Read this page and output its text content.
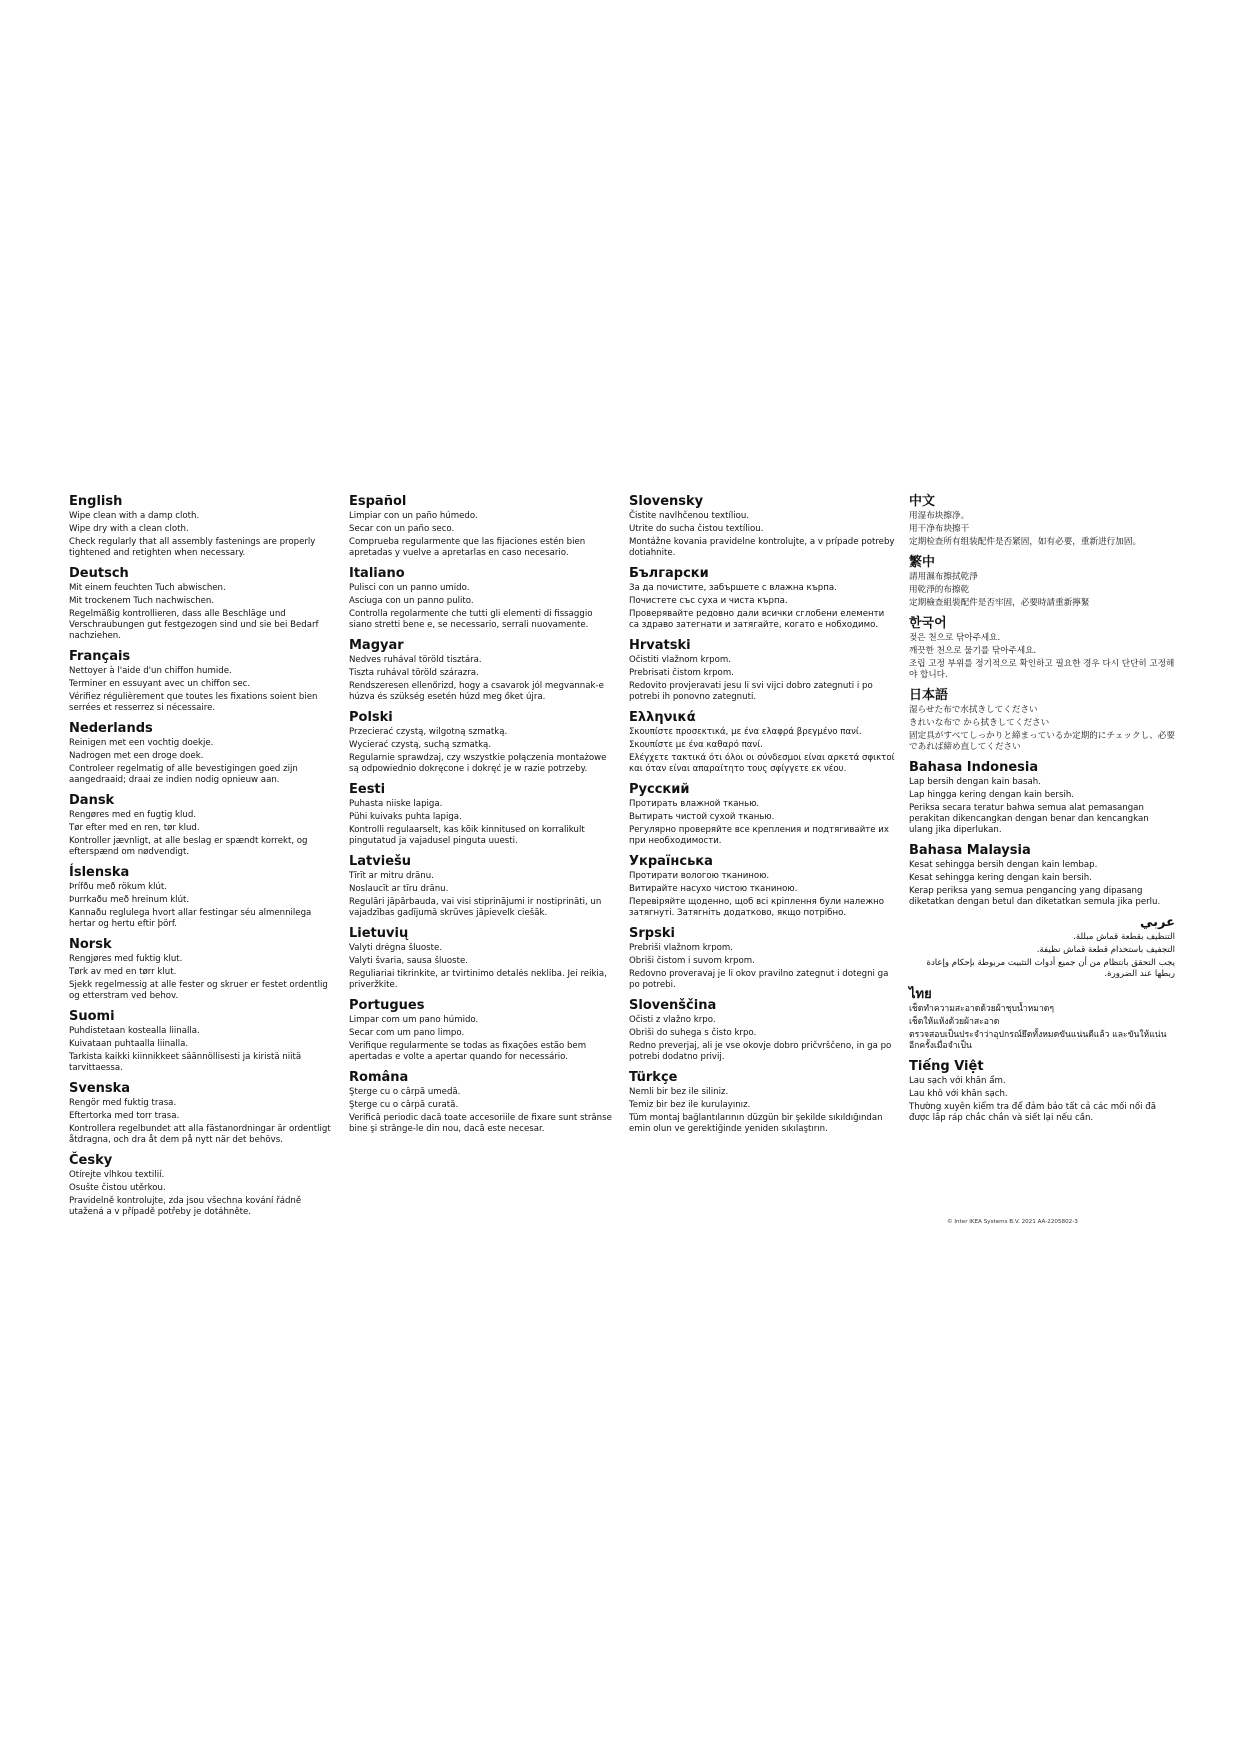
English
Wipe clean with a damp cloth.
Wipe dry with a clean cloth.
Check regularly that all assembly fastenings are properly tightened and retighten when necessary.
Deutsch
Mit einem feuchten Tuch abwischen.
Mit trockenem Tuch nachwischen.
Regelmäßig kontrollieren, dass alle Beschläge und Verschraubungen gut festgezogen sind und sie bei Bedarf nachziehen.
Français
Nettoyer à l'aide d'un chiffon humide.
Terminer en essuyant avec un chiffon sec.
Vérifiez régulièrement que toutes les fixations soient bien serrées et resserrez si nécessaire.
Nederlands
Reinigen met een vochtig doekje.
Nadrogen met een droge doek.
Controleer regelmatig of alle bevestigingen goed zijn aangedraaid; draai ze indien nodig opnieuw aan.
Dansk
Rengøres med en fugtig klud.
Tør efter med en ren, tør klud.
Kontroller jævnligt, at alle beslag er spændt korrekt, og efterspænd om nødvendigt.
Íslenska
Þrífðu með rökum klút.
Þurrkaðu með hreinum klút.
Kannaðu reglulega hvort allar festingar séu almennilega hertar og hertu eftir þörf.
Norsk
Rengjøres med fuktig klut.
Tørk av med en tørr klut.
Sjekk regelmessig at alle fester og skruer er festet ordentlig og etterstram ved behov.
Suomi
Puhdistetaan kostealla liinalla.
Kuivataan puhtaalla liinalla.
Tarkista kaikki kiinnikkeet säännöllisesti ja kiristä niitä tarvittaessa.
Svenska
Rengör med fuktig trasa.
Eftertorka med torr trasa.
Kontrollera regelbundet att alla fästanordningar är ordentligt åtdragna, och dra åt dem på nytt när det behövs.
Česky
Otírejte vlhkou textilií.
Osušte čistou utěrkou.
Pravidelně kontrolujte, zda jsou všechna kování řádně utažená a v případě potřeby je dotáhněte.
Español
Limpiar con un paño húmedo.
Secar con un paño seco.
Comprueba regularmente que las fijaciones estén bien apretadas y vuelve a apretarlas en caso necesario.
Italiano
Pulisci con un panno umido.
Asciuga con un panno pulito.
Controlla regolarmente che tutti gli elementi di fissaggio siano stretti bene e, se necessario, serrali nuovamente.
Magyar
Nedves ruhával töröld tisztára.
Tiszta ruhával töröld szárazra.
Rendszeresen ellenőrizd, hogy a csavarok jól megvannak-e húzva és szükség esetén húzd meg őket újra.
Polski
Przecierać czystą, wilgotną szmatką.
Wycierać czystą, suchą szmatką.
Regularnie sprawdzaj, czy wszystkie połączenia montażowe są odpowiednio dokręcone i dokręć je w razie potrzeby.
Eesti
Puhasta niiske lapiga.
Pühi kuivaks puhta lapiga.
Kontrolli regulaarselt, kas kõik kinnitused on korralikult pingutatud ja vajadusel pinguta uuesti.
Latviešu
Tīrīt ar mitru drānu.
Noslaucīt ar tīru drānu.
Regulāri jāpārbauda, vai visi stiprinājumi ir nostiprināti, un vajadzības gadījumā skrūves jāpievelk ciešāk.
Lietuvių
Valyti drėgna šluoste.
Valyti švaria, sausa šluoste.
Reguliariai tikrinkite, ar tvirtinimo detalės nekliba. Jei reikia, priveržkite.
Portugues
Limpar com um pano húmido.
Secar com um pano limpo.
Verifique regularmente se todas as fixações estão bem apertadas e volte a apertar quando for necessário.
Româna
Şterge cu o cârpă umedă.
Şterge cu o cârpă curată.
Verifică periodic dacă toate accesoriile de fixare sunt strânse bine şi strânge-le din nou, dacă este necesar.
Slovensky
Čistite navlhčenou textíliou.
Utrite do sucha čistou textíliou.
Montážne kovania pravidelne kontrolujte, a v prípade potreby dotiahnite.
Български
За да почистите, забършете с влажна кърпа.
Почистете със суха и чиста кърпа.
Проверявайте редовно дали всички сглобени елементи са здраво затегнати и затягайте, когато е нобходимо.
Hrvatski
Očistiti vlažnom krpom.
Prebrisati čistom krpom.
Redovito provjeravati jesu li svi vijci dobro zategnuti i po potrebi ih ponovno zategnuti.
Ελληνικά
Σκουπίστε προσεκτικά, με ένα ελαφρά βρεγμένο πανί.
Σκουπίστε με ένα καθαρό πανί.
Ελέγχετε τακτικά ότι όλοι οι σύνδεσμοι είναι αρκετά σφικτοί και όταν είναι απαραίτητο τους σφίγγετε εκ νέου.
Русский
Протирать влажной тканью.
Вытирать чистой сухой тканью.
Регулярно проверяйте все крепления и подтягивайте их при необходимости.
Українська
Протирати вологою тканиною.
Витирайте насухо чистою тканиною.
Перевіряйте щоденно, щоб всі кріплення були належно затягнуті. Затягніть додатково, якщо потрібно.
Srpski
Prebriši vlažnom krpom.
Obriši čistom i suvom krpom.
Redovno proveravaj je li okov pravilno zategnut i dotegni ga po potrebi.
Slovenščina
Očisti z vlažno krpo.
Obriši do suhega s čisto krpo.
Redno preverjaj, ali je vse okovje dobro pričvrščeno, in ga po potrebi dodatno privij.
Türkçe
Nemli bir bez ile siliniz.
Temiz bir bez ile kurulayınız.
Tüm montaj bağlantılarının düzgün bir şekilde sıkıldığından emin olun ve gerektiğinde yeniden sıkılaştırın.
中文
用湿布块擦净。
用干净布块擦干
定期检查所有组装配件是否紧固，如有必要，重新进行加固。
繁中
請用濕布擦拭乾淨
用乾淨的布擦乾
定期檢查組裝配件是否牢固，必要時請重新擰緊
한국어
젖은 천으로 닦아주세요.
깨끗한 천으로 물기를 닦아주세요.
조립 고정 부위를 정기적으로 확인하고 필요한 경우 다시 단단히 고정해야 합니다.
日本語
湿らせた布で水拭きしてください
きれいな布で から拭きしてください
固定具がすべてしっかりと締まっているか定期的にチェックし、必要であれば締め直してください
Bahasa Indonesia
Lap bersih dengan kain basah.
Lap hingga kering dengan kain bersih.
Periksa secara teratur bahwa semua alat pemasangan perakitan dikencangkan dengan benar dan kencangkan ulang jika diperlukan.
Bahasa Malaysia
Kesat sehingga bersih dengan kain lembap.
Kesat sehingga kering dengan kain bersih.
Kerap periksa yang semua pengancing yang dipasang diketatkan dengan betul dan diketatkan semula jika perlu.
عربي
التنظيف بقطعة قماش مبللة.
التجفيف باستخدام قطعة قماش نظيفة.
يجب التحقق بانتظام من أن جميع أدوات التثبيت مربوطة بإحكام وإعادة ربطها عند الضرورة.
ไทย
เช็ดทำความสะอาดด้วยผ้าชุบน้ำหมาดๆ
เช็ดให้แห้งด้วยผ้าสะอาด
ตรวจสอบเป็นประจำว่าอุปกรณ์ยึดทั้งหมดขันแน่นดีแล้ว และขันให้แน่นอีกครั้งเมื่อจำเป็น
Tiếng Việt
Lau sạch với khăn ẩm.
Lau khô với khăn sạch.
Thường xuyên kiểm tra để đảm bảo tất cả các mối nối đã được lắp ráp chắc chắn và siết lại nếu cần.
© Inter IKEA Systems B.V. 2021 AA-2205802-3
